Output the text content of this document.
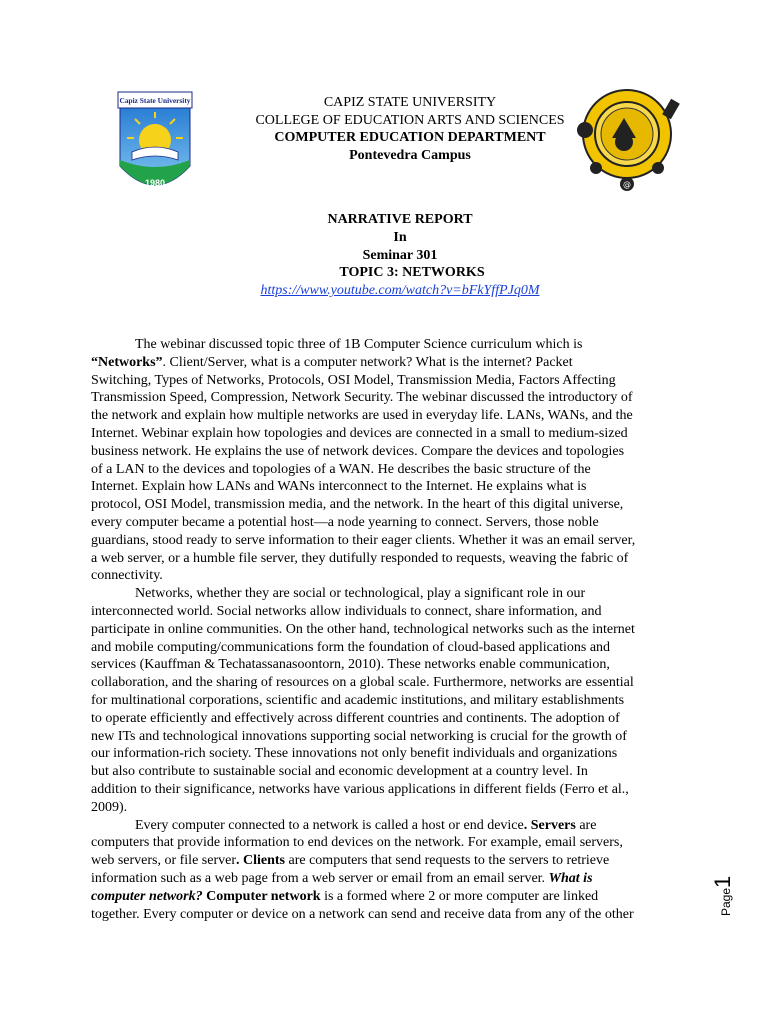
Capiz State University
1980	@
CAPIZ STATE UNIVERSITY
COLLEGE OF EDUCATION ARTS AND SCIENCES
COMPUTER EDUCATION DEPARTMENT
Pontevedra Campus
NARRATIVE REPORT
In
Seminar 301
TOPIC 3: NETWORKS
https://www.youtube.com/watch?v=bFkYffPJq0M
The webinar discussed topic three of 1B Computer Science curriculum which is
“Networks”. Client/Server, what is a computer network? What is the internet? Packet
Switching, Types of Networks, Protocols, OSI Model, Transmission Media, Factors Affecting
Transmission Speed, Compression, Network Security. The webinar discussed the introductory of
the network and explain how multiple networks are used in everyday life. LANs, WANs, and the
Internet. Webinar explain how topologies and devices are connected in a small to medium-sized
business network. He explains the use of network devices. Compare the devices and topologies
of a LAN to the devices and topologies of a WAN. He describes the basic structure of the
Internet. Explain how LANs and WANs interconnect to the Internet. He explains what is
protocol, OSI Model, transmission media, and the network. In the heart of this digital universe,
every computer became a potential host—a node yearning to connect. Servers, those noble
guardians, stood ready to serve information to their eager clients. Whether it was an email server,
a web server, or a humble file server, they dutifully responded to requests, weaving the fabric of
connectivity.
Networks, whether they are social or technological, play a significant role in our
interconnected world. Social networks allow individuals to connect, share information, and
participate in online communities. On the other hand, technological networks such as the internet
and mobile computing/communications form the foundation of cloud-based applications and
services (Kauffman & Techatassanasoontorn, 2010). These networks enable communication,
collaboration, and the sharing of resources on a global scale. Furthermore, networks are essential
for multinational corporations, scientific and academic institutions, and military establishments
to operate efficiently and effectively across different countries and continents. The adoption of
new ITs and technological innovations supporting social networking is crucial for the growth of
our information-rich society. These innovations not only benefit individuals and organizations
but also contribute to sustainable social and economic development at a country level. In
addition to their significance, networks have various applications in different fields (Ferro et al.,
2009).
Every computer connected to a network is called a host or end device. Servers are
computers that provide information to end devices on the network. For example, email servers,
web servers, or file server. Clients are computers that send requests to the servers to retrieve
information such as a web page from a web server or email from an email server. What is
computer network? Computer network is a formed where 2 or more computer are linked
together. Every computer or device on a network can send and receive data from any of the other	Page1
